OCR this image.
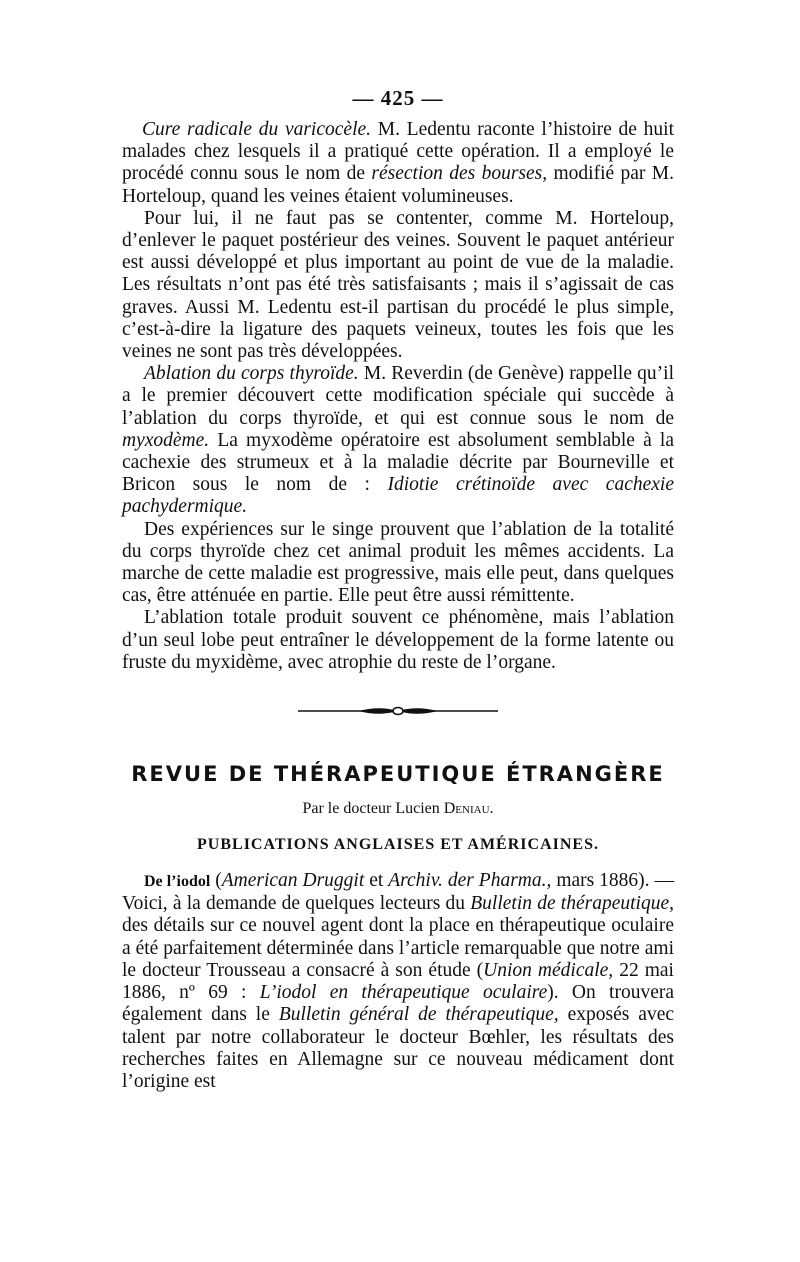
— 425 —

Cure radicale du varicocèle. M. Ledentu raconte l’histoire de huit malades chez lesquels il a pratiqué cette opération. Il a employé le procédé connu sous le nom de résection des bourses, modifié par M. Horteloup, quand les veines étaient volumineuses.

Pour lui, il ne faut pas se contenter, comme M. Horteloup, d’enlever le paquet postérieur des veines. Souvent le paquet antérieur est aussi développé et plus important au point de vue de la maladie. Les résultats n’ont pas été très satisfaisants ; mais il s’agissait de cas graves. Aussi M. Ledentu est-il partisan du procédé le plus simple, c’est-à-dire la ligature des paquets veineux, toutes les fois que les veines ne sont pas très développées.

Ablation du corps thyroïde. M. Reverdin (de Genève) rappelle qu’il a le premier découvert cette modification spéciale qui succède à l’ablation du corps thyroïde, et qui est connue sous le nom de myxodème. La myxodème opératoire est absolument semblable à la cachexie des strumeux et à la maladie décrite par Bourneville et Bricon sous le nom de : Idiotie crétinoïde avec cachexie pachydermique.

Des expériences sur le singe prouvent que l’ablation de la totalité du corps thyroïde chez cet animal produit les mêmes accidents. La marche de cette maladie est progressive, mais elle peut, dans quelques cas, être atténuée en partie. Elle peut être aussi rémittente.

L’ablation totale produit souvent ce phénomène, mais l’ablation d’un seul lobe peut entraîner le développement de la forme latente ou fruste du myxidème, avec atrophie du reste de l’organe.

REVUE DE THÉRAPEUTIQUE ÉTRANGÈRE
Par le docteur Lucien Deniau.
PUBLICATIONS ANGLAISES ET AMÉRICAINES.

De l’iodol (American Druggit et Archiv. der Pharma., mars 1886). — Voici, à la demande de quelques lecteurs du Bulletin de thérapeutique, des détails sur ce nouvel agent dont la place en thérapeutique oculaire a été parfaitement déterminée dans l’article remarquable que notre ami le docteur Trousseau a consacré à son étude (Union médicale, 22 mai 1886, nº 69 : L’iodol en thérapeutique oculaire). On trouvera également dans le Bulletin général de thérapeutique, exposés avec talent par notre collaborateur le docteur Bœhler, les résultats des recherches faites en Allemagne sur ce nouveau médicament dont l’origine est
